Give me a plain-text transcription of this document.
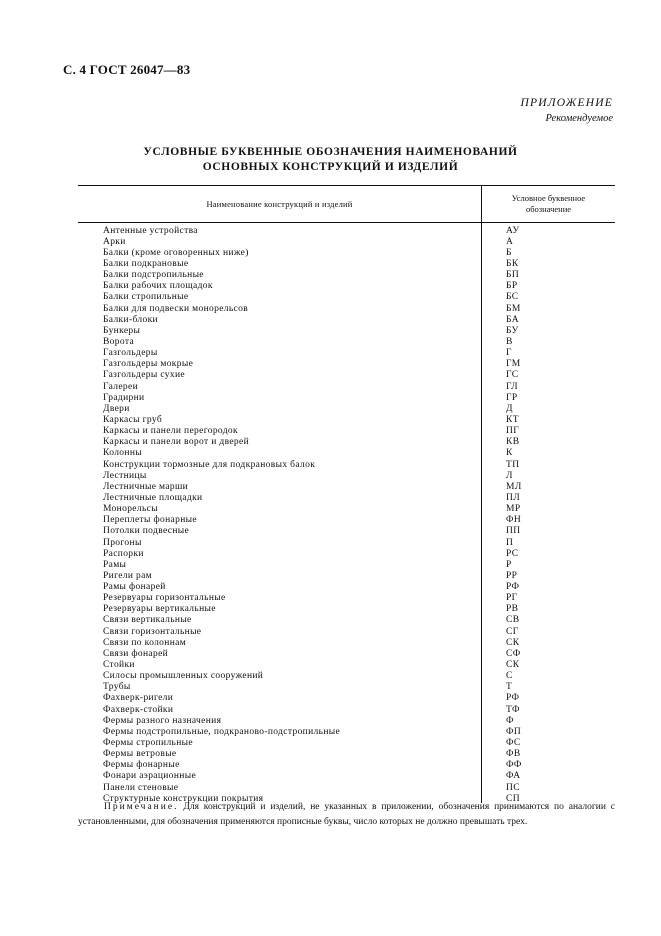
С. 4 ГОСТ 26047—83
ПРИЛОЖЕНИЕ
Рекомендуемое
УСЛОВНЫЕ БУКВЕННЫЕ ОБОЗНАЧЕНИЯ НАИМЕНОВАНИЙ
ОСНОВНЫХ КОНСТРУКЦИЙ И ИЗДЕЛИЙ
Наименование конструкций и изделий
Условное буквенное
обозначение
Антенные устройства	АУ
Арки	А
Балки (кроме оговоренных ниже)	Б
Балки подкрановые	БК
Балки подстропильные	БП
Балки рабочих площадок	БР
Балки стропильные	БС
Балки для подвески монорельсов	БМ
Балки-блоки	БА
Бункеры	БУ
Ворота	В
Газгольдеры	Г
Газгольдеры мокрые	ГМ
Газгольдеры сухие	ГС
Галереи	ГЛ
Градирни	ГР
Двери	Д
Каркасы груб	КТ
Каркасы и панели перегородок	ПГ
Каркасы и панели ворот и дверей	КВ
Колонны	К
Конструкции тормозные для подкрановых балок	ТП
Лестницы	Л
Лестничные марши	МЛ
Лестничные площадки	ПЛ
Монорельсы	МР
Переплеты фонарные	ФН
Потолки подвесные	ПП
Прогоны	П
Распорки	РС
Рамы	Р
Ригели рам	РР
Рамы фонарей	РФ
Резервуары горизонтальные	РГ
Резервуары вертикальные	РВ
Связи вертикальные	СВ
Связи горизонтальные	СГ
Связи по колоннам	СК
Связи фонарей	СФ
Стойки	СК
Силосы промышленных сооружений	С
Трубы	Т
Фахверк-ригели	РФ
Фахверк-стойки	ТФ
Фермы разного назначения	Ф
Фермы подстропильные, подкраново-подстропильные	ФП
Фермы стропильные	ФС
Фермы ветровые	ФВ
Фермы фонарные	ФФ
Фонари аэрационные	ФА
Панели стеновые	ПС
Структурные конструкции покрытия	СП
Примечание. Для конструкций и изделий, не указанных в приложении, обозначения принимаются по аналогии с установленными, для обозначения применяются прописные буквы, число которых не должно превышать трех.
